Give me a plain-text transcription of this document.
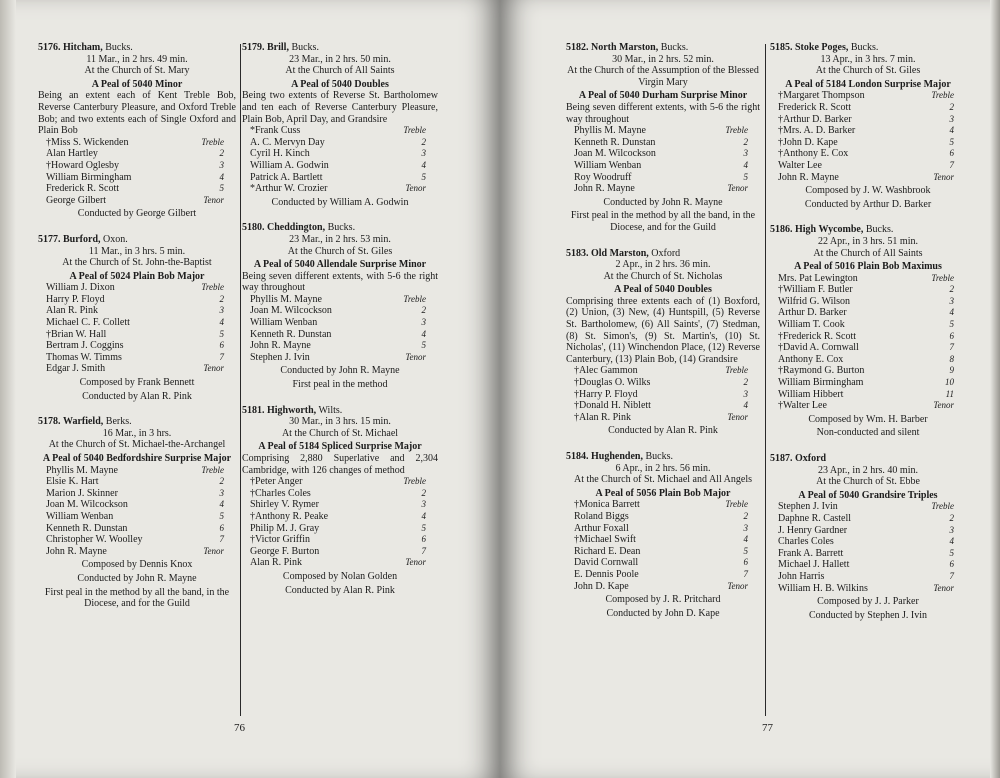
5176. Hitcham, Bucks.
11 Mar., in 2 hrs. 49 min.
At the Church of St. Mary
A Peal of 5040 Minor
Being an extent each of Kent Treble Bob, Reverse Canterbury Pleasure, and Oxford Treble Bob; and two extents each of Single Oxford and Plain Bob
†Miss S. Wickenden	Treble
Alan Hartley	2
†Howard Oglesby	3
William Birmingham	4
Frederick R. Scott	5
George Gilbert	Tenor
Conducted by George Gilbert
5177. Burford, Oxon.
11 Mar., in 3 hrs. 5 min.
At the Church of St. John-the-Baptist
A Peal of 5024 Plain Bob Major
William J. Dixon	Treble
Harry P. Floyd	2
Alan R. Pink	3
Michael C. F. Collett	4
†Brian W. Hall	5
Bertram J. Coggins	6
Thomas W. Timms	7
Edgar J. Smith	Tenor
Composed by Frank Bennett
Conducted by Alan R. Pink
5178. Warfield, Berks.
16 Mar., in 3 hrs.
At the Church of St. Michael-the-Archangel
A Peal of 5040 Bedfordshire Surprise Major
Phyllis M. Mayne	Treble
Elsie K. Hart	2
Marion J. Skinner	3
Joan M. Wilcockson	4
William Wenban	5
Kenneth R. Dunstan	6
Christopher W. Woolley	7
John R. Mayne	Tenor
Composed by Dennis Knox
Conducted by John R. Mayne
First peal in the method by all the band, in the Diocese, and for the Guild
5179. Brill, Bucks.
23 Mar., in 2 hrs. 50 min.
At the Church of All Saints
A Peal of 5040 Doubles
Being two extents of Reverse St. Bartholomew and ten each of Reverse Canterbury Pleasure, Plain Bob, April Day, and Grandsire
*Frank Cuss	Treble
A. C. Mervyn Day	2
Cyril H. Kinch	3
William A. Godwin	4
Patrick A. Bartlett	5
*Arthur W. Crozier	Tenor
Conducted by William A. Godwin
5180. Cheddington, Bucks.
23 Mar., in 2 hrs. 53 min.
At the Church of St. Giles
A Peal of 5040 Allendale Surprise Minor
Being seven different extents, with 5-6 the right way throughout
Phyllis M. Mayne	Treble
Joan M. Wilcockson	2
William Wenban	3
Kenneth R. Dunstan	4
John R. Mayne	5
Stephen J. Ivin	Tenor
Conducted by John R. Mayne
First peal in the method
5181. Highworth, Wilts.
30 Mar., in 3 hrs. 15 min.
At the Church of St. Michael
A Peal of 5184 Spliced Surprise Major
Comprising 2,880 Superlative and 2,304 Cambridge, with 126 changes of method
†Peter Anger	Treble
†Charles Coles	2
Shirley V. Rymer	3
†Anthony R. Peake	4
Philip M. J. Gray	5
†Victor Griffin	6
George F. Burton	7
Alan R. Pink	Tenor
Composed by Nolan Golden
Conducted by Alan R. Pink
76
5182. North Marston, Bucks.
30 Mar., in 2 hrs. 52 min.
At the Church of the Assumption of the Blessed Virgin Mary
A Peal of 5040 Durham Surprise Minor
Being seven different extents, with 5-6 the right way throughout
Phyllis M. Mayne	Treble
Kenneth R. Dunstan	2
Joan M. Wilcockson	3
William Wenban	4
Roy Woodruff	5
John R. Mayne	Tenor
Conducted by John R. Mayne
First peal in the method by all the band, in the Diocese, and for the Guild
5183. Old Marston, Oxford
2 Apr., in 2 hrs. 36 min.
At the Church of St. Nicholas
A Peal of 5040 Doubles
Comprising three extents each of (1) Boxford, (2) Union, (3) New, (4) Huntspill, (5) Reverse St. Bartholomew, (6) All Saints', (7) Stedman, (8) St. Simon's, (9) St. Martin's, (10) St. Nicholas', (11) Winchendon Place, (12) Reverse Canterbury, (13) Plain Bob, (14) Grandsire
†Alec Gammon	Treble
†Douglas O. Wilks	2
†Harry P. Floyd	3
†Donald H. Niblett	4
†Alan R. Pink	Tenor
Conducted by Alan R. Pink
5184. Hughenden, Bucks.
6 Apr., in 2 hrs. 56 min.
At the Church of St. Michael and All Angels
A Peal of 5056 Plain Bob Major
†Monica Barrett	Treble
Roland Biggs	2
Arthur Foxall	3
†Michael Swift	4
Richard E. Dean	5
David Cornwall	6
E. Dennis Poole	7
John D. Kape	Tenor
Composed by J. R. Pritchard
Conducted by John D. Kape
5185. Stoke Poges, Bucks.
13 Apr., in 3 hrs. 7 min.
At the Church of St. Giles
A Peal of 5184 London Surprise Major
†Margaret Thompson	Treble
Frederick R. Scott	2
†Arthur D. Barker	3
†Mrs. A. D. Barker	4
†John D. Kape	5
†Anthony E. Cox	6
Walter Lee	7
John R. Mayne	Tenor
Composed by J. W. Washbrook
Conducted by Arthur D. Barker
5186. High Wycombe, Bucks.
22 Apr., in 3 hrs. 51 min.
At the Church of All Saints
A Peal of 5016 Plain Bob Maximus
Mrs. Pat Lewington	Treble
†William F. Butler	2
Wilfrid G. Wilson	3
Arthur D. Barker	4
William T. Cook	5
†Frederick R. Scott	6
†David A. Cornwall	7
Anthony E. Cox	8
†Raymond G. Burton	9
William Birmingham	10
William Hibbert	11
†Walter Lee	Tenor
Composed by Wm. H. Barber
Non-conducted and silent
5187. Oxford
23 Apr., in 2 hrs. 40 min.
At the Church of St. Ebbe
A Peal of 5040 Grandsire Triples
Stephen J. Ivin	Treble
Daphne R. Castell	2
J. Henry Gardner	3
Charles Coles	4
Frank A. Barrett	5
Michael J. Hallett	6
John Harris	7
William H. B. Wilkins	Tenor
Composed by J. J. Parker
Conducted by Stephen J. Ivin
77
